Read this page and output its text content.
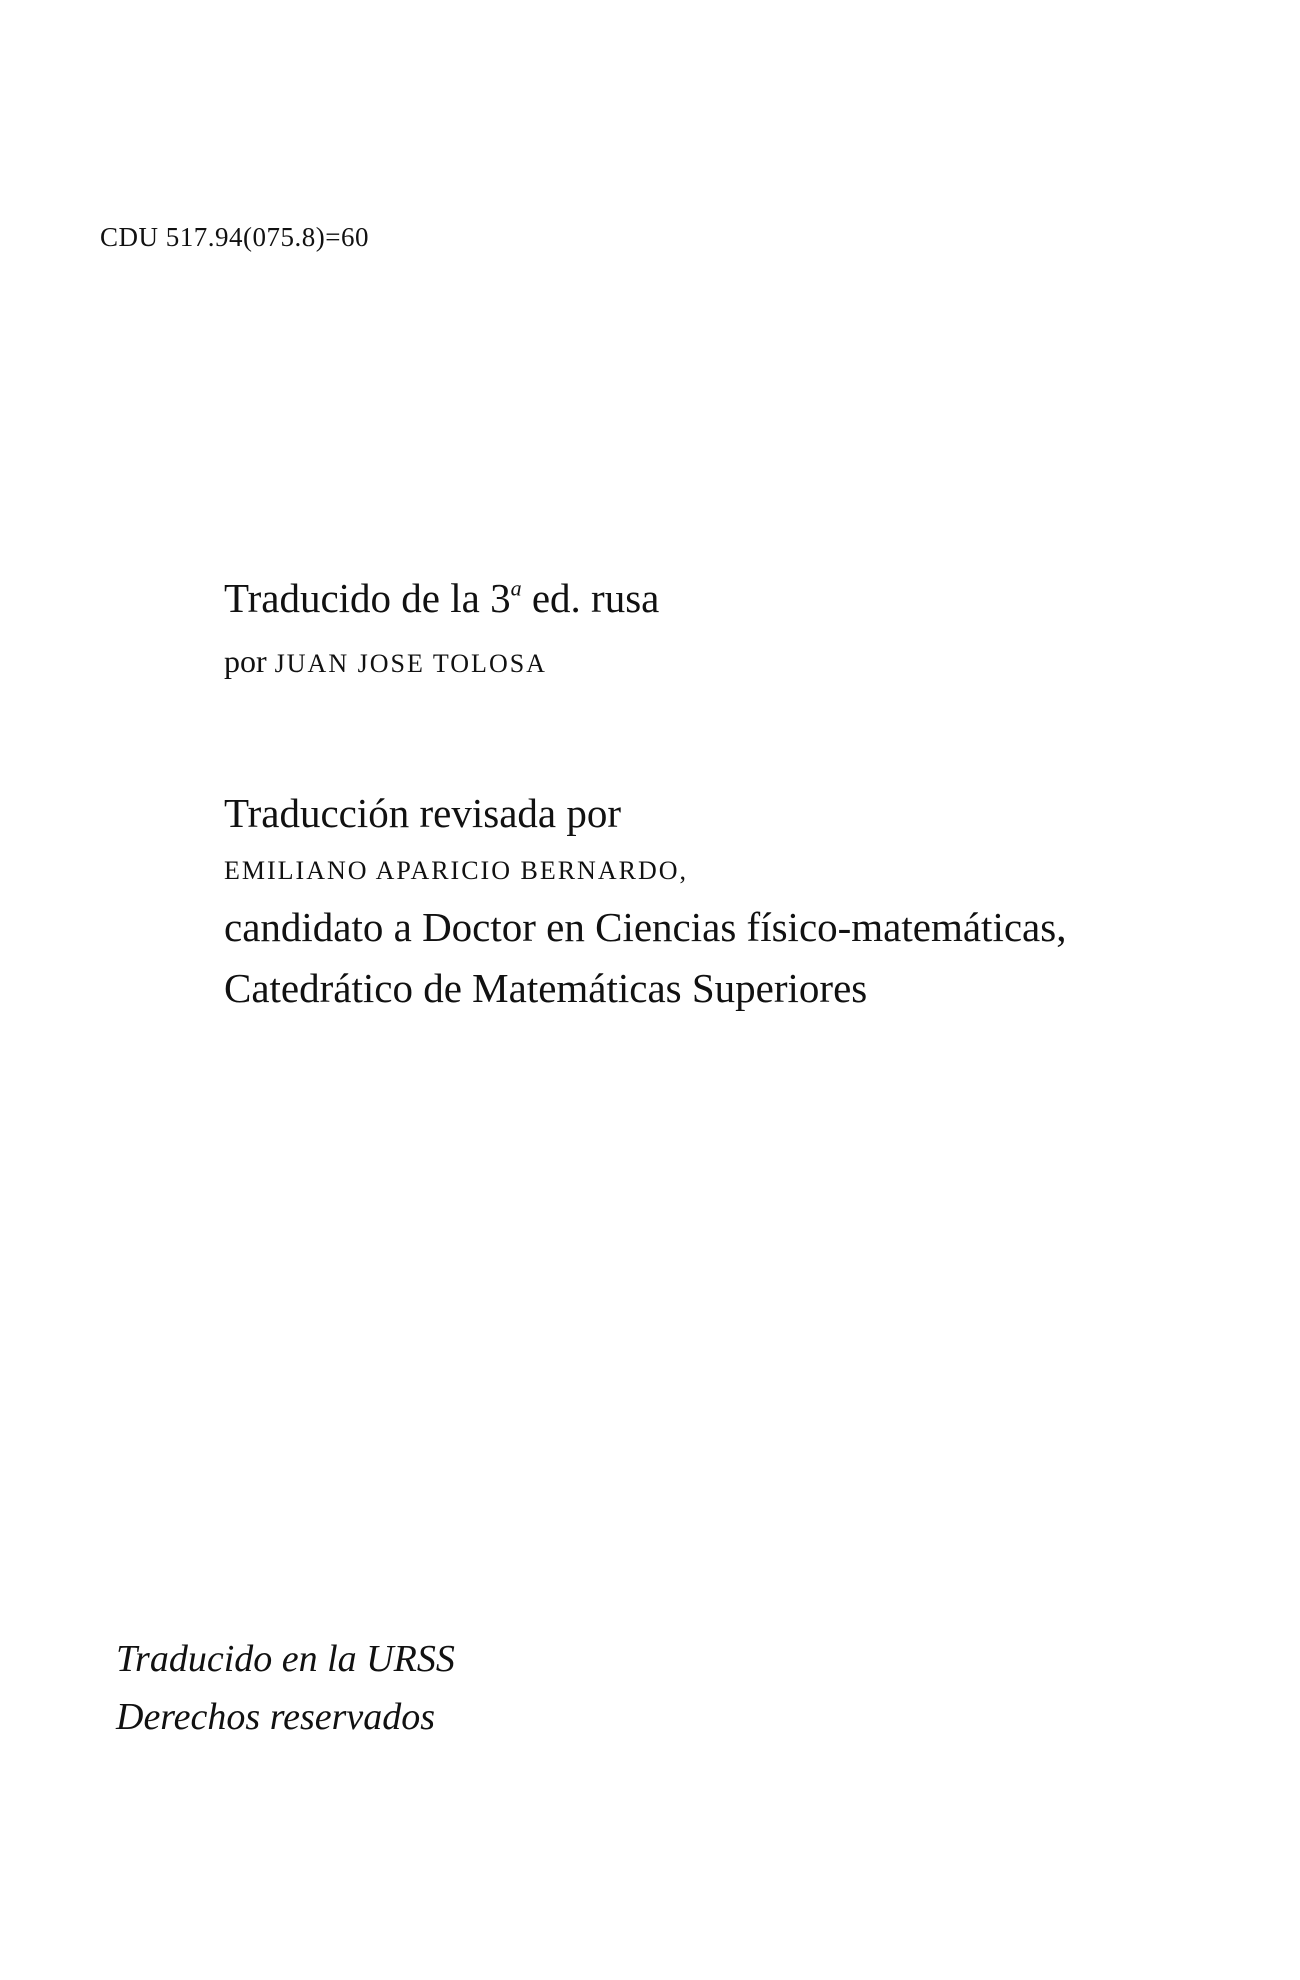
CDU 517.94(075.8)=60
Traducido de la 3$^a$ ed. rusa
por JUAN JOSE TOLOSA
Traducción revisada por
EMILIANO APARICIO BERNARDO,
candidato a Doctor en Ciencias físico-matemáticas,
Catedrático de Matemáticas Superiores
Traducido en la URSS
Derechos reservados
